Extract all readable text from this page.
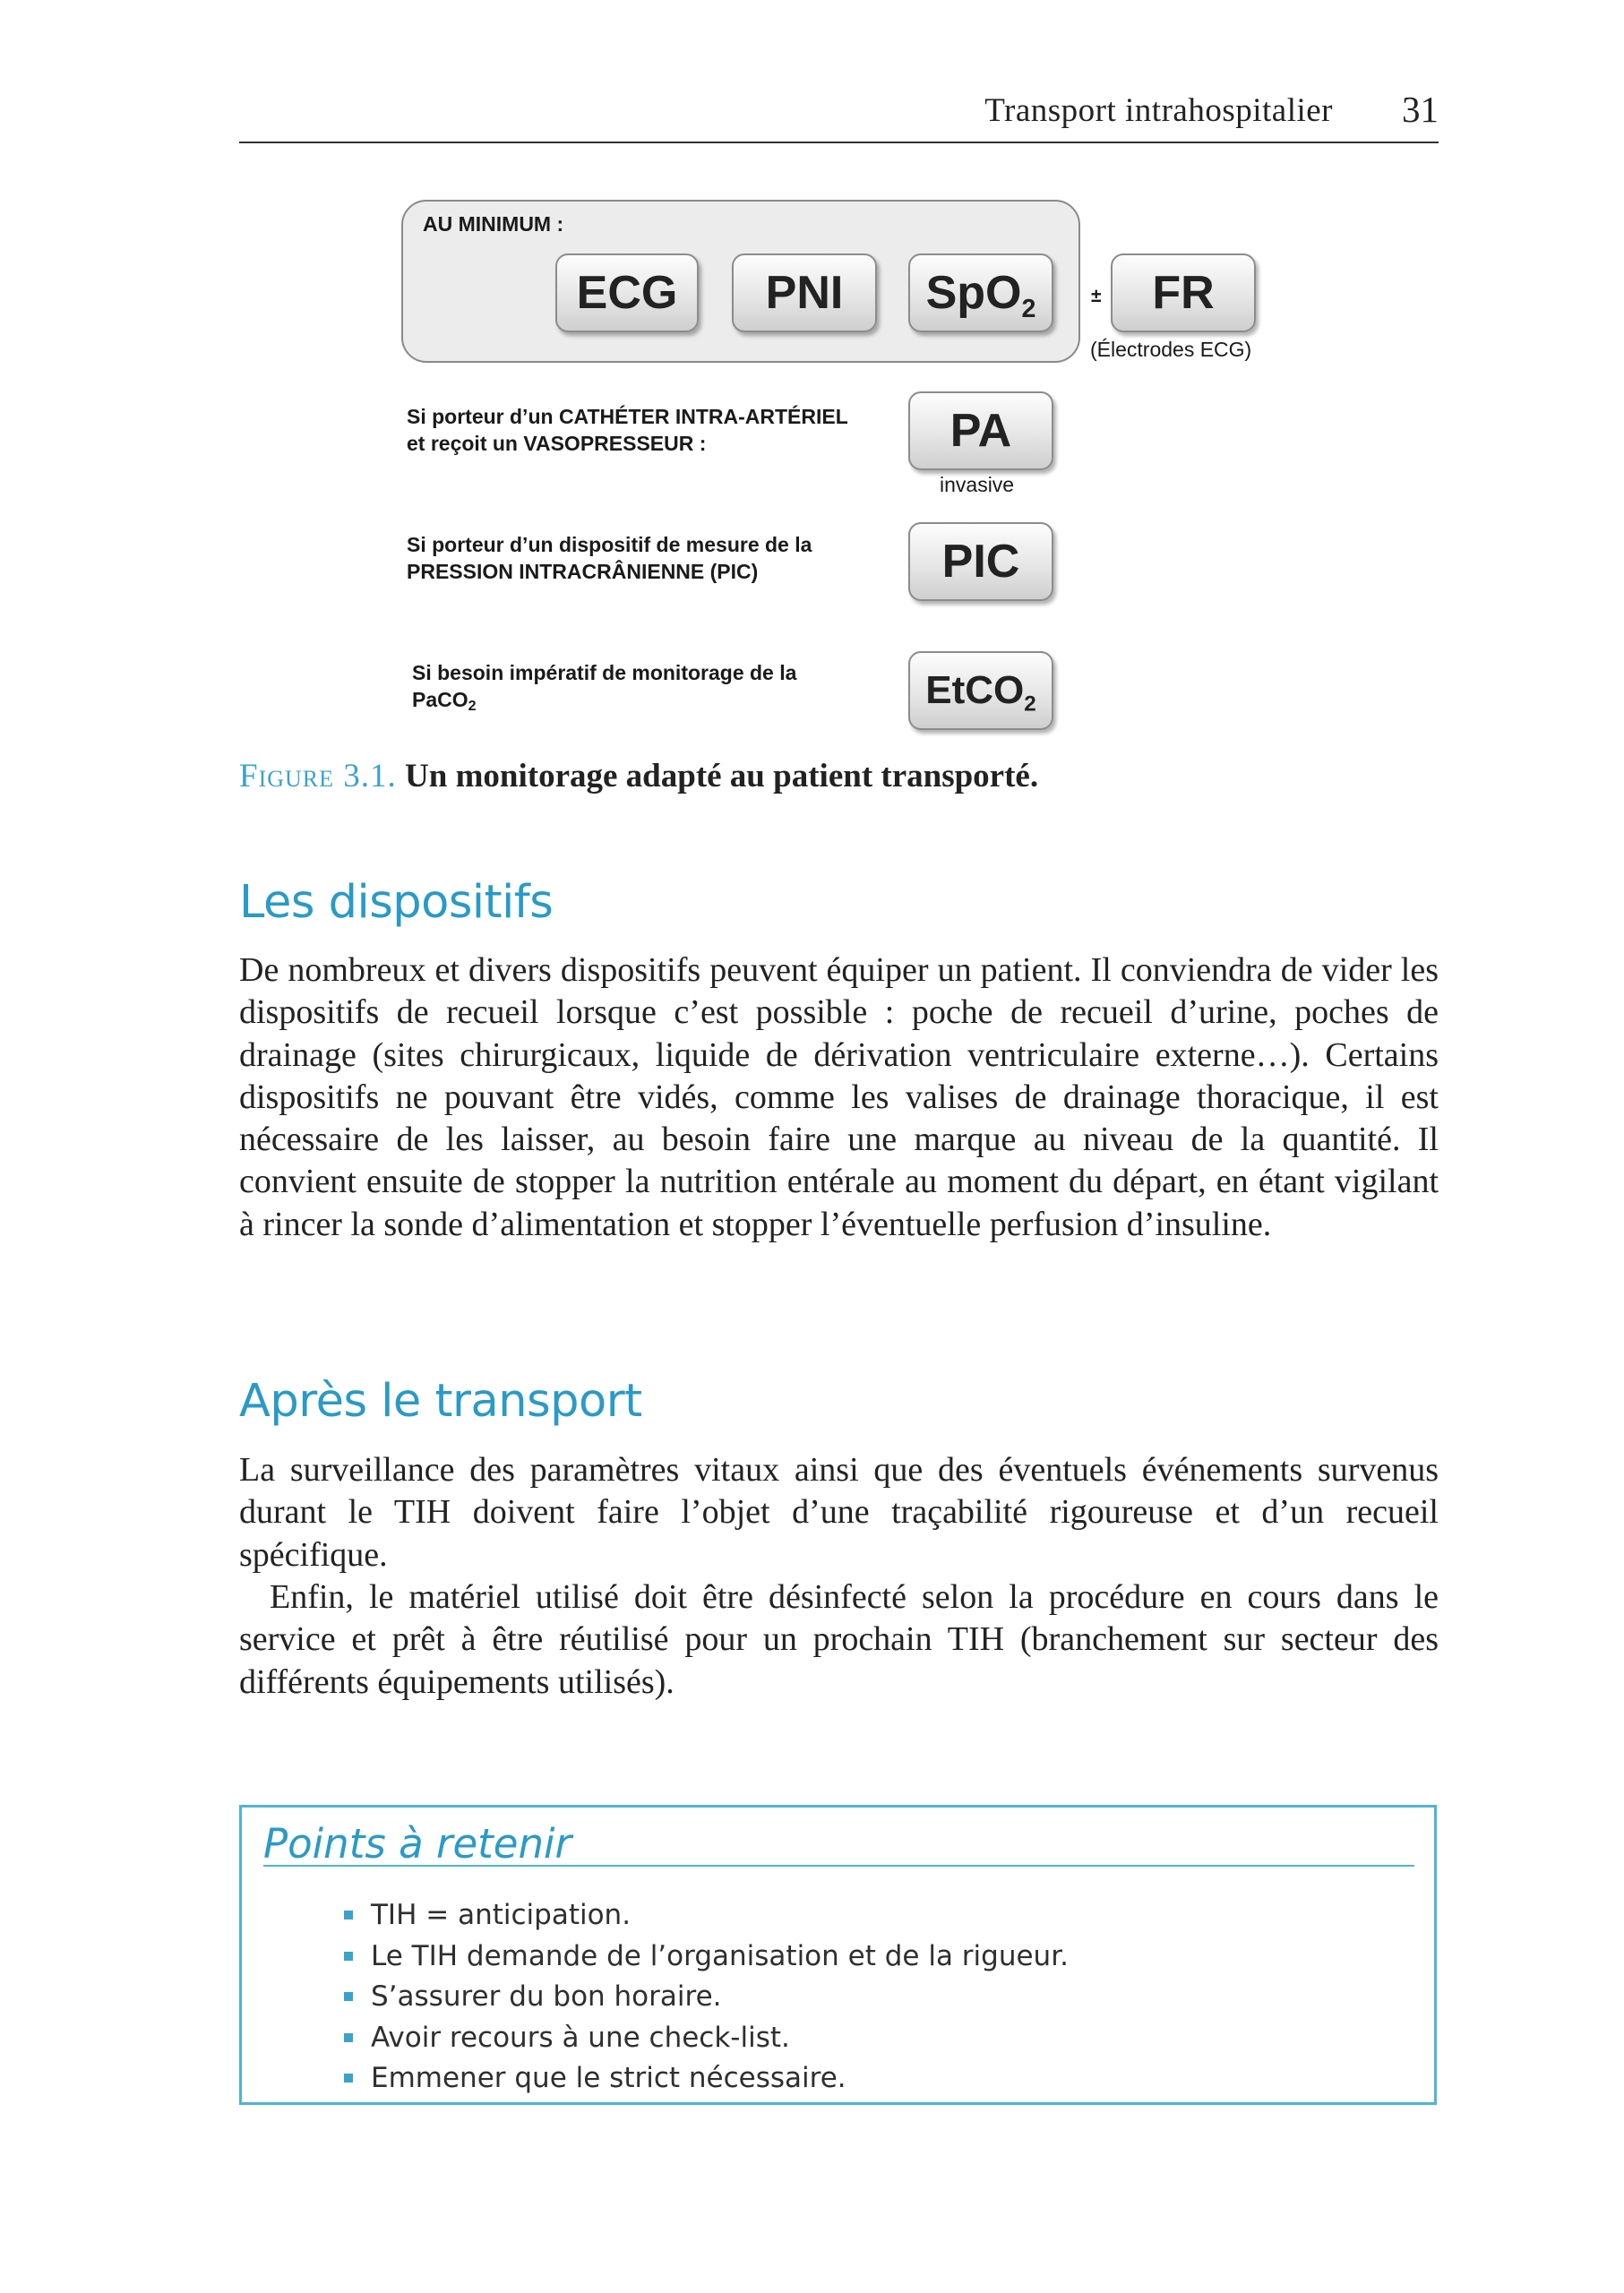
Transport intrahospitalier 31
AU MINIMUM :
ECG PNI SpO$_2$	± FR
(Électrodes ECG)
Si porteur d’un CATHÉTER INTRA-ARTÉRIEL
et reçoit un VASOPRESSEUR :	PA
invasive
Si porteur d’un dispositif de mesure de la
PRESSION INTRACRÂNIENNE (PIC)	PIC
Si besoin impératif de monitorage de la
PaCO$_2$	EtCO$_2$
Figure 3.1. Un monitorage adapté au patient transporté.
Les dispositifs
De nombreux et divers dispositifs peuvent équiper un patient. Il conviendra de vider les dispositifs de recueil lorsque c’est possible : poche de recueil d’urine, poches de drainage (sites chirurgicaux, liquide de dérivation ventriculaire externe…). Certains dispositifs ne pouvant être vidés, comme les valises de drainage thoracique, il est nécessaire de les laisser, au besoin faire une marque au niveau de la quantité. Il convient ensuite de stopper la nutrition entérale au moment du départ, en étant vigilant à rincer la sonde d’alimentation et stopper l’éventuelle perfusion d’insuline.
Après le transport
La surveillance des paramètres vitaux ainsi que des éventuels événements survenus durant le TIH doivent faire l’objet d’une traçabilité rigoureuse et d’un recueil spécifique.
Enfin, le matériel utilisé doit être désinfecté selon la procédure en cours dans le service et prêt à être réutilisé pour un prochain TIH (branchement sur secteur des différents équipements utilisés).
Points à retenir
TIH = anticipation.
Le TIH demande de l’organisation et de la rigueur.
S’assurer du bon horaire.
Avoir recours à une check-list.
Emmener que le strict nécessaire.
